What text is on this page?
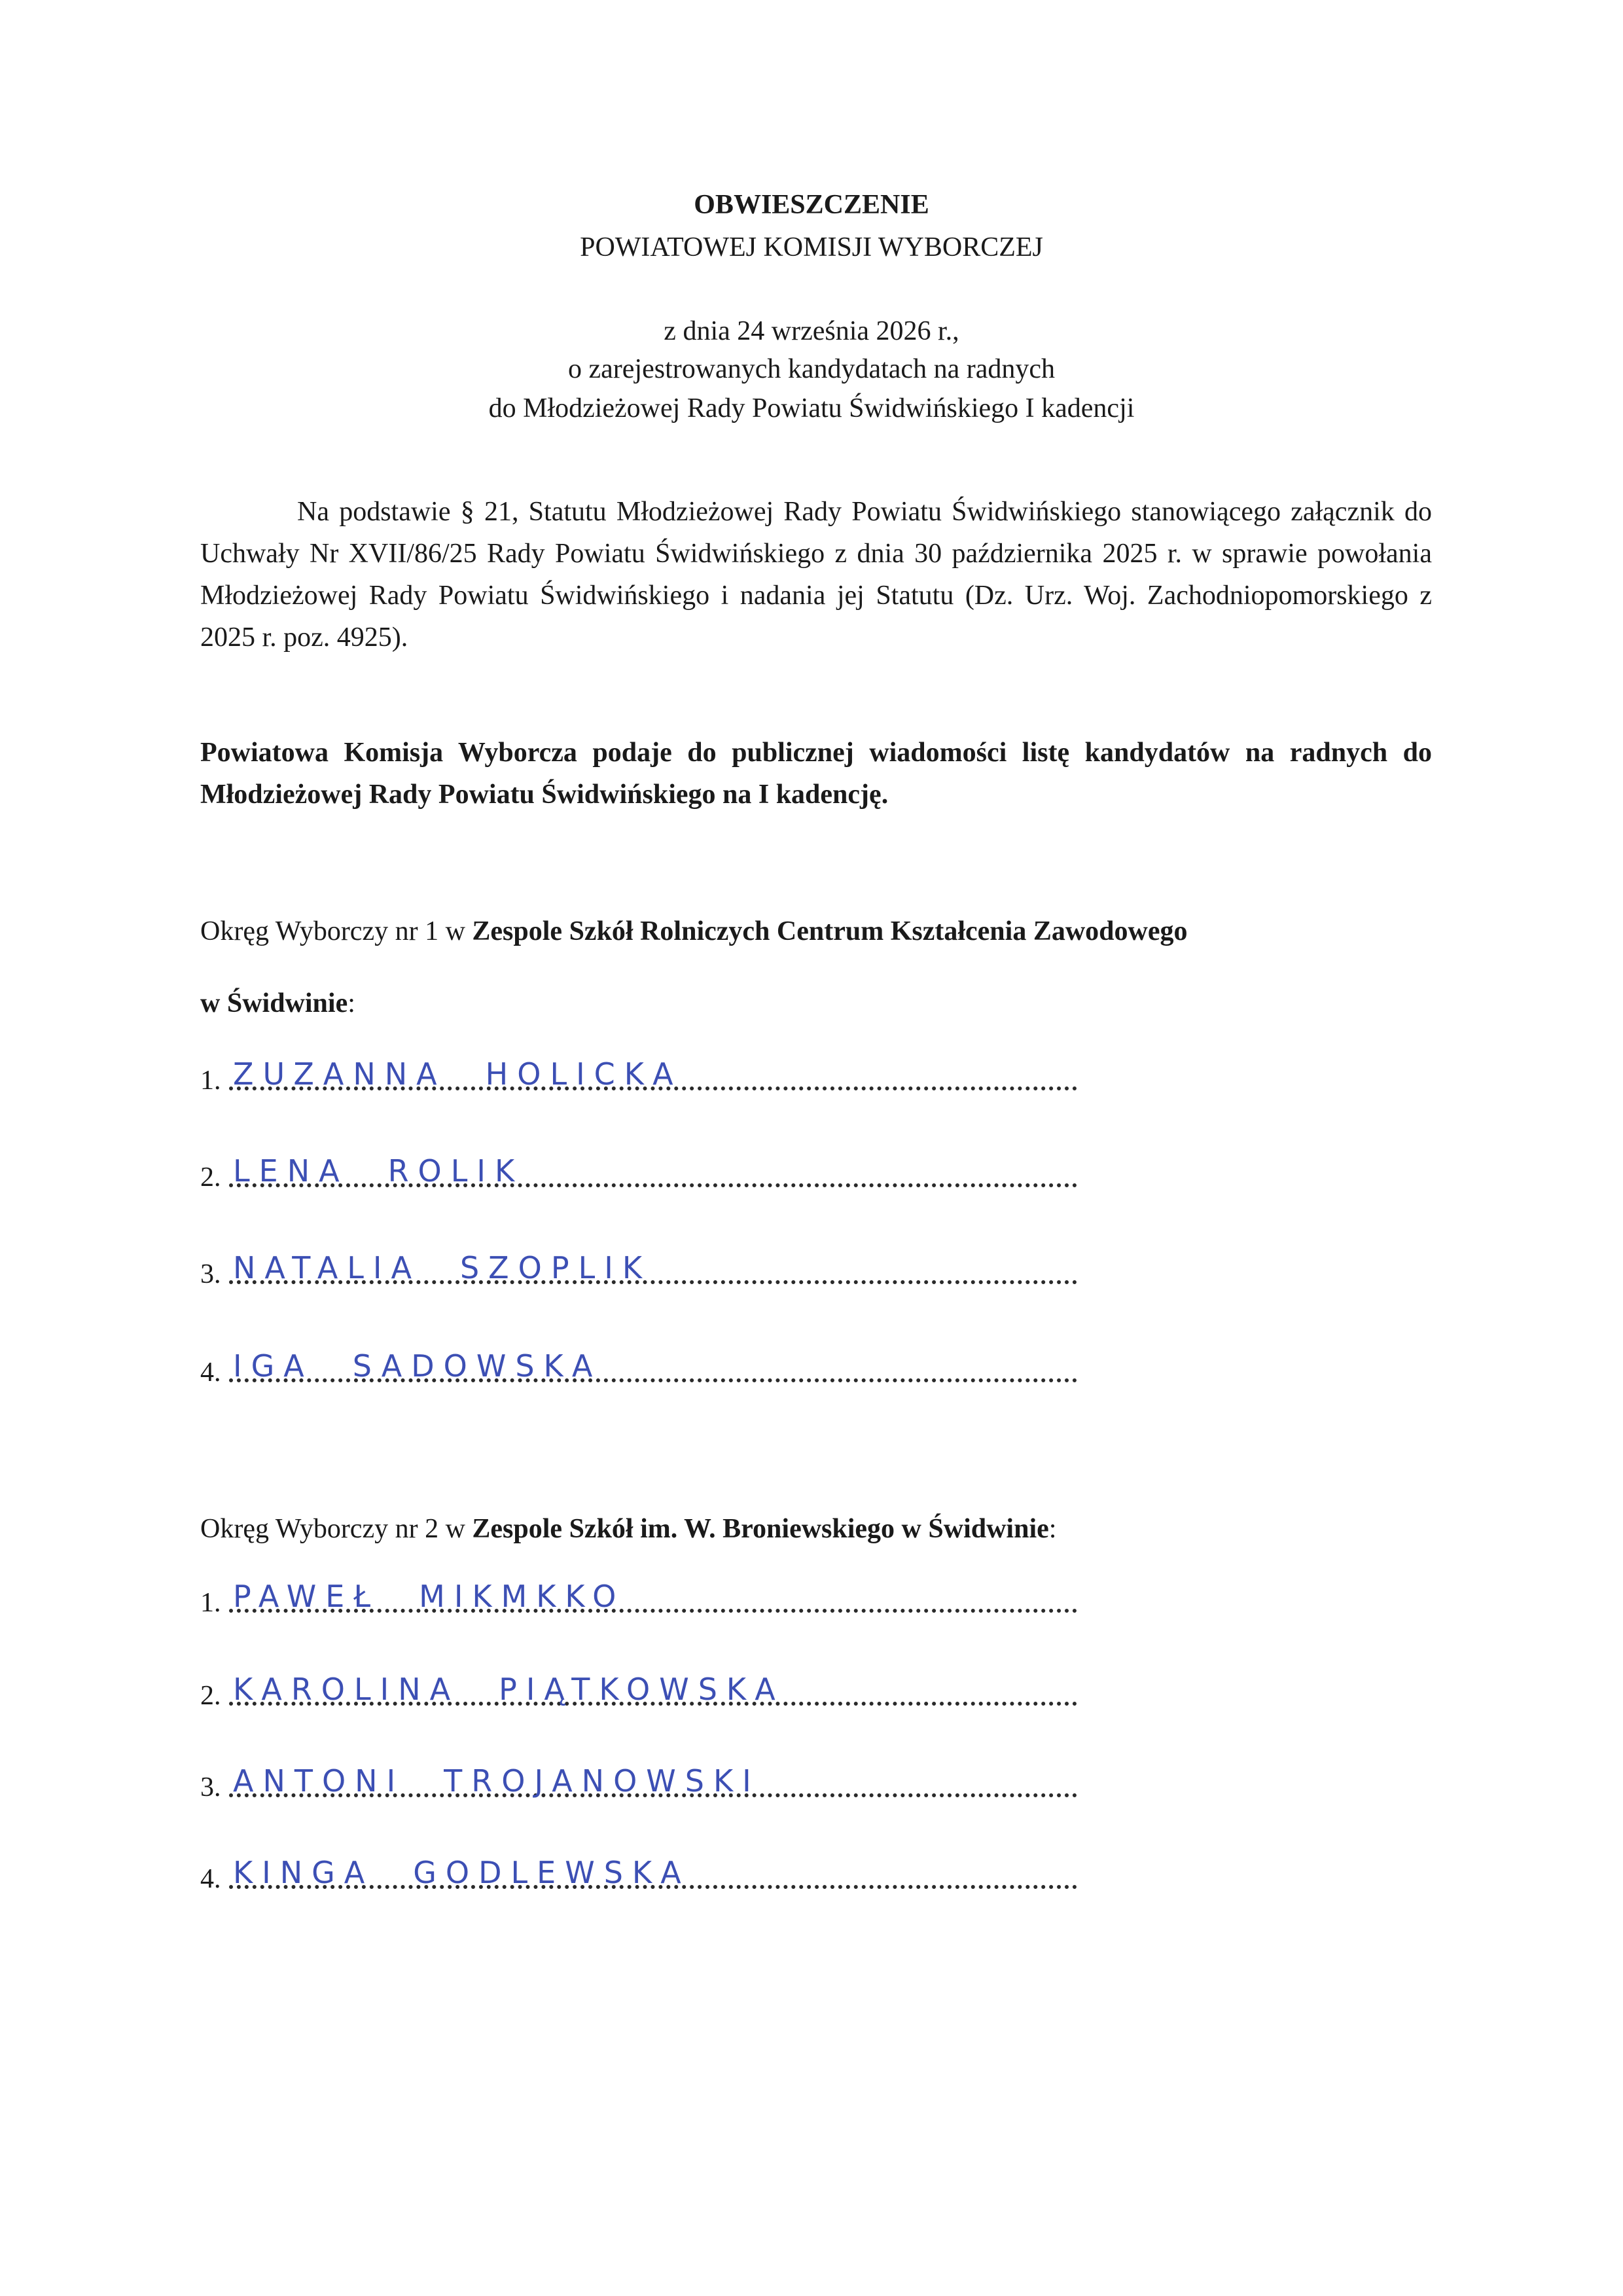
OBWIESZCZENIE
POWIATOWEJ KOMISJI WYBORCZEJ
z dnia 24 września 2026 r.,
o zarejestrowanych kandydatach na radnych
do Młodzieżowej Rady Powiatu Świdwińskiego I kadencji
Na podstawie § 21, Statutu Młodzieżowej Rady Powiatu Świdwińskiego stanowiącego załącznik do Uchwały Nr XVII/86/25 Rady Powiatu Świdwińskiego z dnia 30 października 2025 r. w sprawie powołania Młodzieżowej Rady Powiatu Świdwińskiego i nadania jej Statutu (Dz. Urz. Woj. Zachodniopomorskiego z 2025 r. poz. 4925).
Powiatowa Komisja Wyborcza podaje do publicznej wiadomości listę kandydatów na radnych do Młodzieżowej Rady Powiatu Świdwińskiego na I kadencję.
Okręg Wyborczy nr 1 w Zespole Szkół Rolniczych Centrum Kształcenia Zawodowego
w Świdwinie:
1. ZUZANNA HOLICKA
2. LENA ROLIK
3. NATALIA SZOPLIK
4. IGA SADOWSKA
Okręg Wyborczy nr 2 w Zespole Szkół im. W. Broniewskiego w Świdwinie:
1. PAWEŁ MIKMKKO
2. KAROLINA PIĄTKOWSKA
3. ANTONI TROJANOWSKI
4. KINGA GODLEWSKA
